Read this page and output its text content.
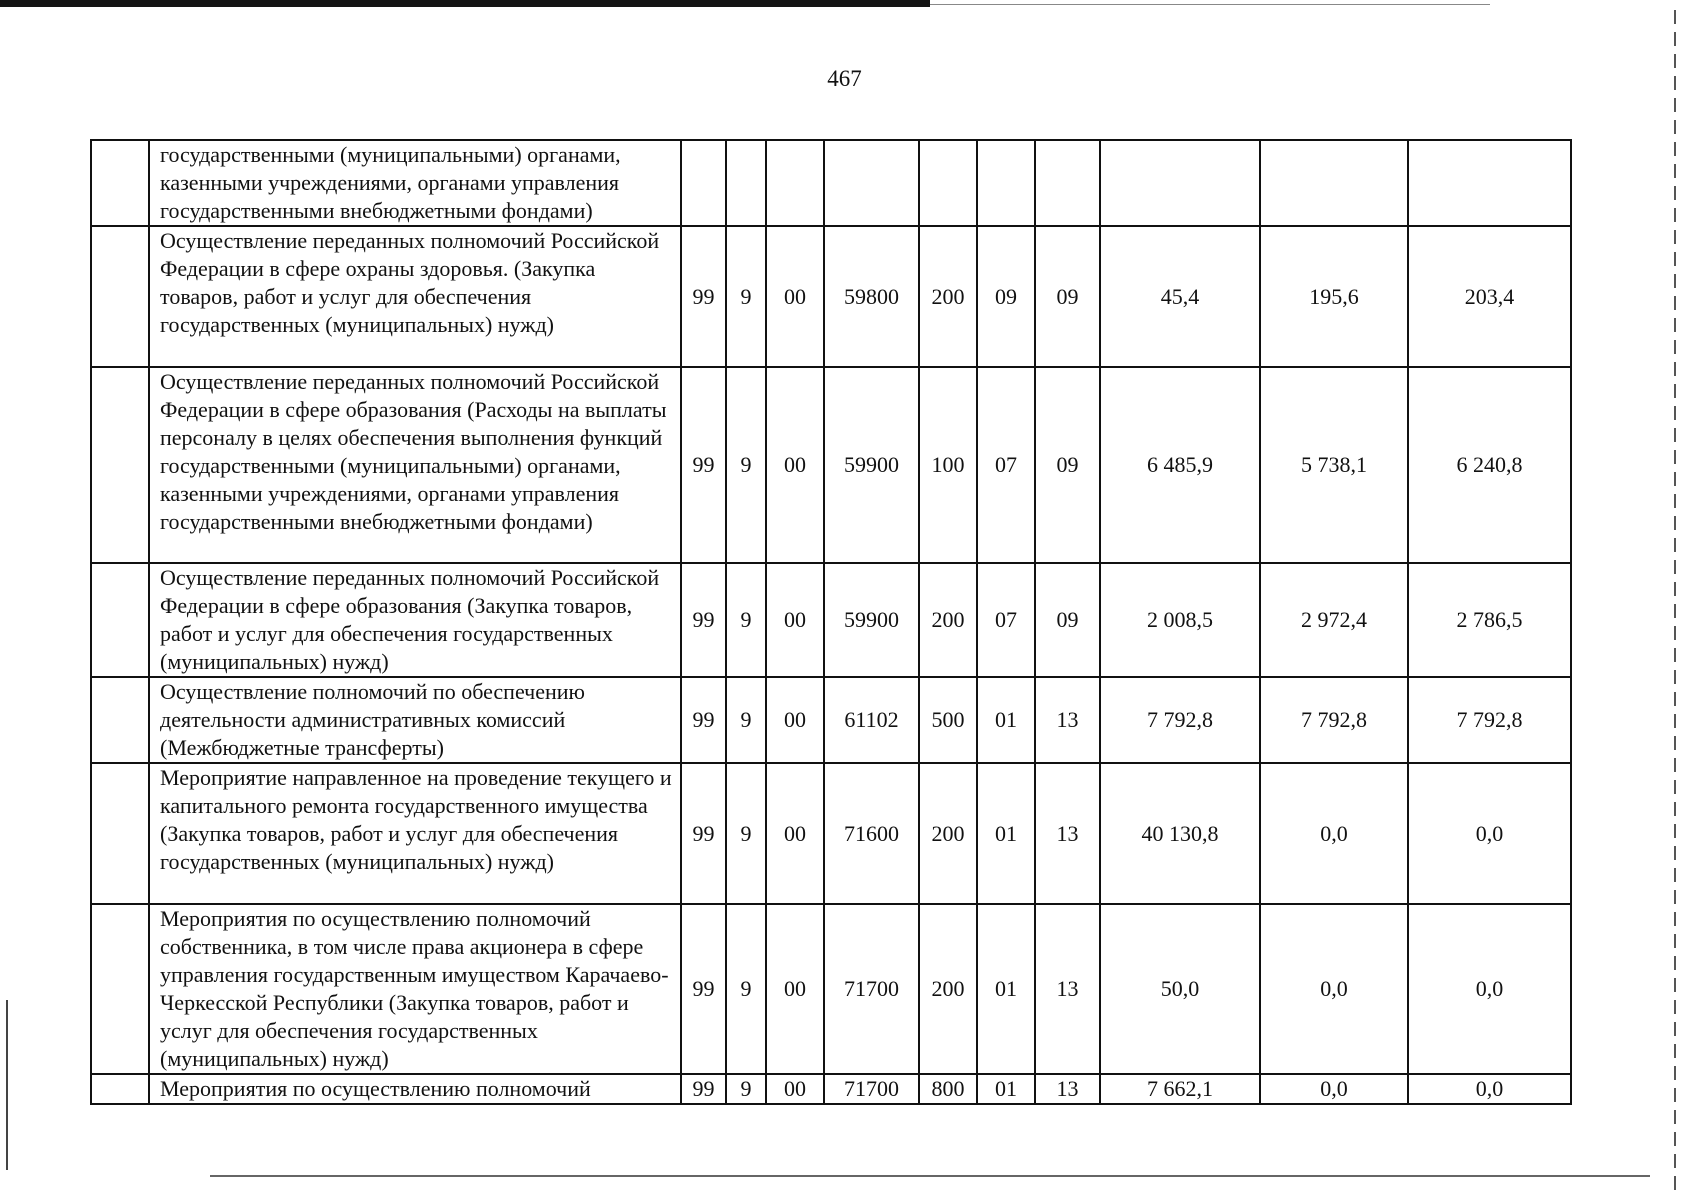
467
	государственными (муниципальными) органами, казенными учреждениями, органами управления государственными внебюджетными фондами)										
	Осуществление переданных полномочий Российской Федерации в сфере охраны здоровья. (Закупка товаров, работ и услуг для обеспечения государственных (муниципальных) нужд)	99	9	00	59800	200	09	09	45,4	195,6	203,4
	Осуществление переданных полномочий Российской Федерации в сфере образования (Расходы на выплаты персоналу в целях обеспечения выполнения функций государственными (муниципальными) органами, казенными учреждениями, органами управления государственными внебюджетными фондами)	99	9	00	59900	100	07	09	6 485,9	5 738,1	6 240,8
	Осуществление переданных полномочий Российской Федерации в сфере образования (Закупка товаров, работ и услуг для обеспечения государственных (муниципальных) нужд)	99	9	00	59900	200	07	09	2 008,5	2 972,4	2 786,5
	Осуществление полномочий по обеспечению деятельности административных комиссий (Межбюджетные трансферты)	99	9	00	61102	500	01	13	7 792,8	7 792,8	7 792,8
	Мероприятие направленное на проведение текущего и капитального ремонта государственного имущества (Закупка товаров, работ и услуг для обеспечения государственных (муниципальных) нужд)	99	9	00	71600	200	01	13	40 130,8	0,0	0,0
	Мероприятия по осуществлению полномочий собственника, в том числе права акционера в сфере управления государственным имуществом Карачаево-Черкесской Республики (Закупка товаров, работ и услуг для обеспечения государственных (муниципальных) нужд)	99	9	00	71700	200	01	13	50,0	0,0	0,0
	Мероприятия по осуществлению полномочий	99	9	00	71700	800	01	13	7 662,1	0,0	0,0
